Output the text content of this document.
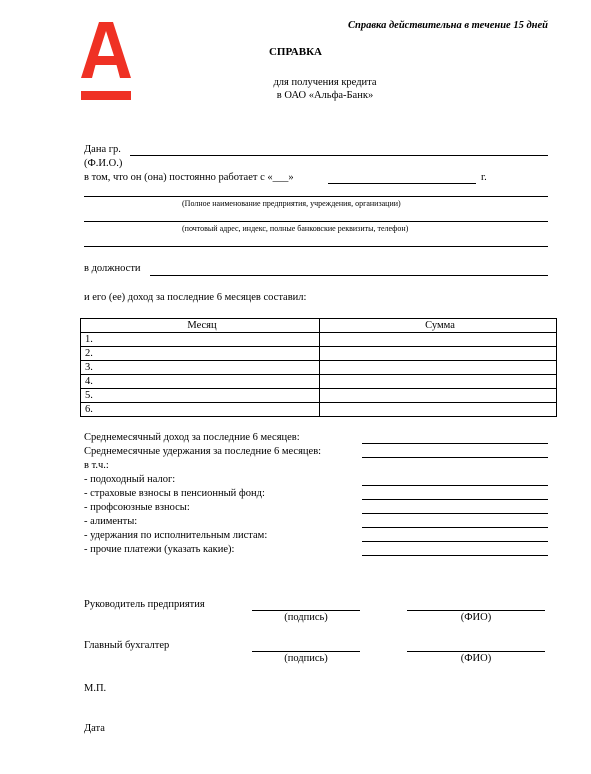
Справка действительна в течение 15 дней
СПРАВКА
для получения кредита
в ОАО «Альфа-Банк»
Дана гр.
(Ф.И.О.)
в том, что он (она) постоянно работает с «___»	г.
(Полное наименование предприятия, учреждения, организации)
(почтовый адрес, индекс, полные банковские реквизиты, телефон)
в должности
и его (ее) доход за последние 6 месяцев составил:
Месяц	Сумма
1.	
2.	
3.	
4.	
5.	
6.	
Среднемесячный доход за последние 6 месяцев:
Среднемесячные удержания за последние 6 месяцев:
в т.ч.:
- подоходный налог:
- страховые взносы в пенсионный фонд:
- профсоюзные взносы:
- алименты:
- удержания по исполнительным листам:
- прочие платежи (указать какие):
Руководитель предприятия
(подпись)	(ФИО)
Главный бухгалтер
(подпись)	(ФИО)
М.П.
Дата
